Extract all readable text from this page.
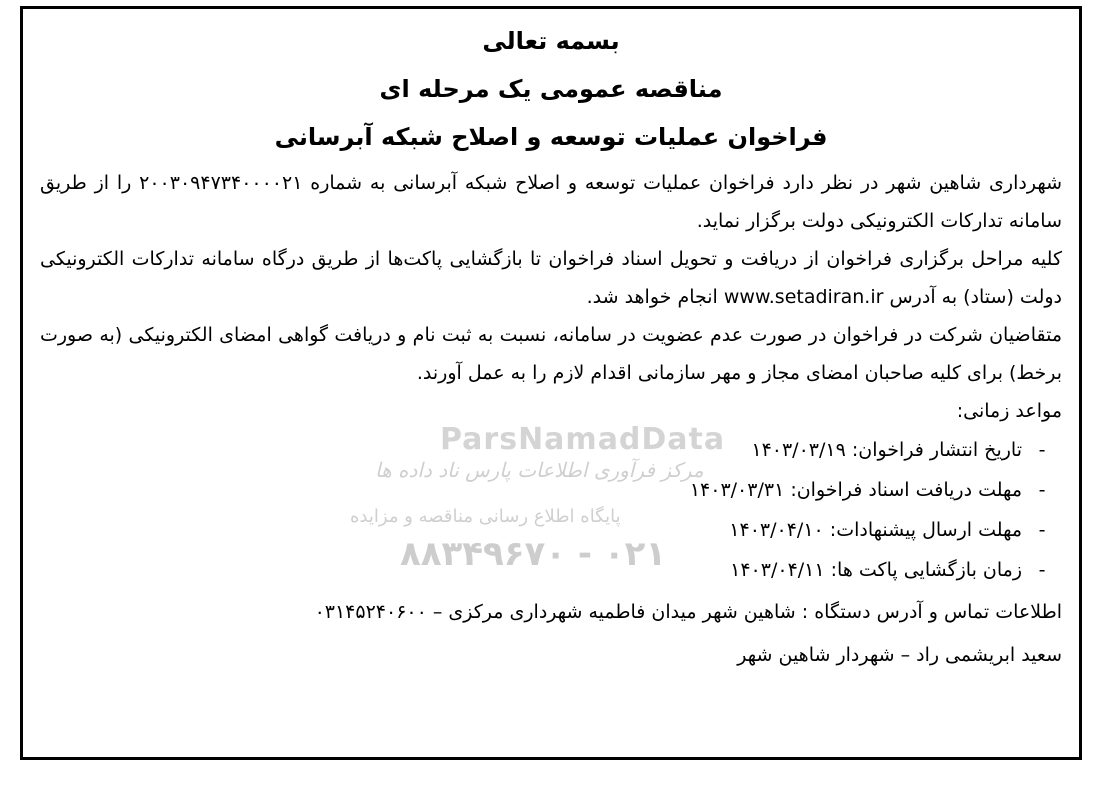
ParsNamadData
مرکز فرآوری اطلاعات پارس ناد داده ها
پایگاه اطلاع رسانی مناقصه و مزایده
۰۲۱ - ۸۸۳۴۹۶۷۰
بسمه تعالی
مناقصه عمومی یک مرحله ای
فراخوان عملیات توسعه و اصلاح شبکه آبرسانی

شهرداری شاهین شهر در نظر دارد فراخوان عملیات توسعه و اصلاح شبکه آبرسانی به شماره ۲۰۰۳۰۹۴۷۳۴۰۰۰۰۲۱ را از طریق سامانه تدارکات الکترونیکی دولت برگزار نماید.

کلیه مراحل برگزاری فراخوان از دریافت و تحویل اسناد فراخوان تا بازگشایی پاکت‌ها از طریق درگاه سامانه تدارکات الکترونیکی دولت (ستاد) به آدرس www.setadiran.ir انجام خواهد شد.

متقاضیان شرکت در فراخوان در صورت عدم عضویت در سامانه، نسبت به ثبت نام و دریافت گواهی امضای الکترونیکی (به صورت برخط) برای کلیه صاحبان امضای مجاز و مهر سازمانی اقدام لازم را به عمل آورند.

مواعد زمانی:

-
تاریخ انتشار فراخوان: ۱۴۰۳/۰۳/۱۹
-
مهلت دریافت اسناد فراخوان: ۱۴۰۳/۰۳/۳۱
-
مهلت ارسال پیشنهادات: ۱۴۰۳/۰۴/۱۰
-
زمان بازگشایی پاکت ها: ۱۴۰۳/۰۴/۱۱
اطلاعات تماس و آدرس دستگاه : شاهین شهر میدان فاطمیه شهرداری مرکزی – ۰۳۱۴۵۲۴۰۶۰۰
سعید ابریشمی راد – شهردار شاهین شهر
